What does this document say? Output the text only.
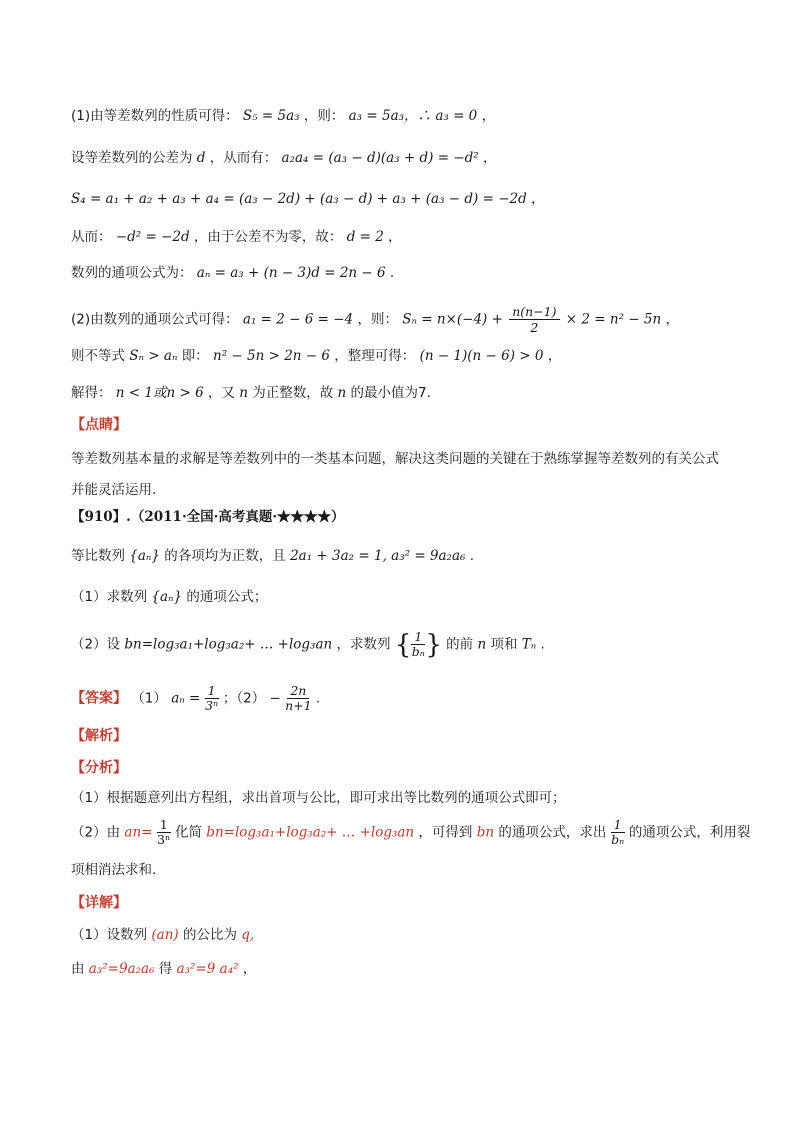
(1)由等差数列的性质可得： S₅ = 5a₃ ，则： a₃ = 5a₃，∴ a₃ = 0 ，
设等差数列的公差为 d ，从而有： a₂a₄ = (a₃ − d)(a₃ + d) = −d² ，
S₄ = a₁ + a₂ + a₃ + a₄ = (a₃ − 2d) + (a₃ − d) + a₃ + (a₃ − d) = −2d ，
从而： −d² = −2d ，由于公差不为零，故： d = 2 ，
数列的通项公式为： aₙ = a₃ + (n − 3)d = 2n − 6 .
(2)由数列的通项公式可得： a₁ = 2 − 6 = −4 ，则： $S_n = n\times(-4) + \frac{n(n-1)}{2} \times 2 = n^2 - 5n$ ，
则不等式 Sₙ > aₙ 即： n² − 5n > 2n − 6 ，整理可得： (n − 1)(n − 6) > 0 ，
解得： n < 1或n > 6 ，又 n 为正整数，故 n 的最小值为7.
【点睛】
等差数列基本量的求解是等差数列中的一类基本问题，解决这类问题的关键在于熟练掌握等差数列的有关公式并能灵活运用.
【910】.（2011·全国·高考真题·★★★★）
等比数列 {aₙ} 的各项均为正数，且 2a₁ + 3a₂ = 1, a₃² = 9a₂a₆ .
（1）求数列 {aₙ} 的通项公式；
（2）设 bn=log₃a₁+log₃a₂+ … +log₃an ，求数列 { $\frac{1}{\text{bₙ}}$ } 的前 n 项和 Tₙ .
【答案】 （1） $a_n = \frac{1}{\text{3ⁿ}}$ ；$(2) - \frac{2n}{n+1}$ .
【解析】
【分析】
（1）根据题意列出方程组，求出首项与公比，即可求出等比数列的通项公式即可；
（2）由 $an= \frac{1}{\text{3ⁿ}}$ 化简 bn=log₃a₁+log₃a₂+ … +log₃an ，可得到 bn 的通项公式，求出 $\frac{1}{\text{bₙ}}$ 的通项公式，利用裂
项相消法求和.
【详解】
（1）设数列 (an) 的公比为 q,
由 a₃²=9a₂a₆ 得 a₃²=9 a₄² ，
